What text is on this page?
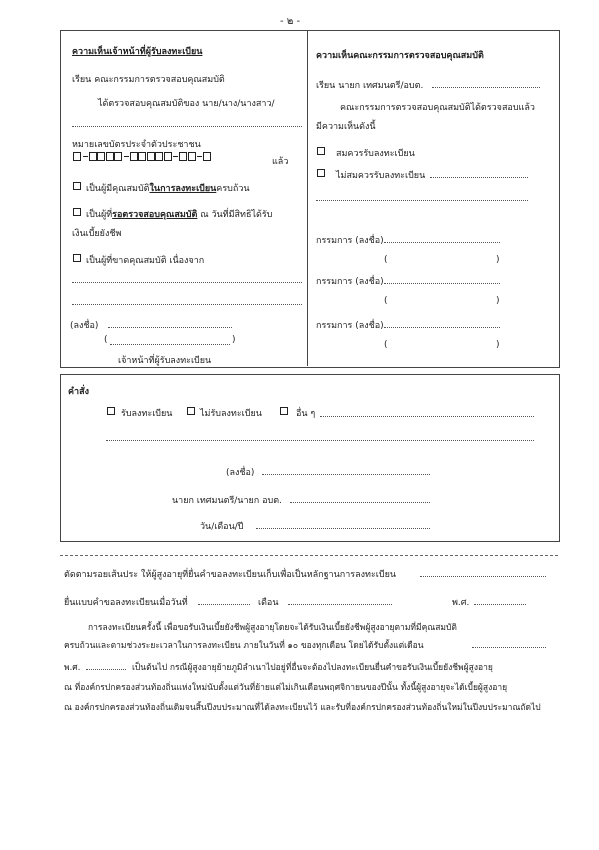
- ๒ -
ความเห็นเจ้าหน้าที่ผู้รับลงทะเบียน
เรียน คณะกรรมการตรวจสอบคุณสมบัติ
ได้ตรวจสอบคุณสมบัติของ นาย/นาง/นางสาว/
หมายเลขบัตรประจำตัวประชาชน
แล้ว
เป็นผู้มีคุณสมบัติในการลงทะเบียนครบถ้วน
เป็นผู้ที่รอตรวจสอบคุณสมบัติ ณ วันที่มีสิทธิได้รับ
เงินเบี้ยยังชีพ
เป็นผู้ที่ขาดคุณสมบัติ เนื่องจาก
(ลงชื่อ)
(	)
เจ้าหน้าที่ผู้รับลงทะเบียน
ความเห็นคณะกรรมการตรวจสอบคุณสมบัติ
เรียน นายก เทศมนตรี/อบต.
คณะกรรมการตรวจสอบคุณสมบัติได้ตรวจสอบแล้ว
มีความเห็นดังนี้
สมควรรับลงทะเบียน
ไม่สมควรรับลงทะเบียน
กรรมการ (ลงชื่อ)
(	)
กรรมการ (ลงชื่อ)
(	)
กรรมการ (ลงชื่อ)
(	)
คำสั่ง
รับลงทะเบียน	ไม่รับลงทะเบียน	อื่น ๆ
(ลงชื่อ)
นายก เทศมนตรี/นายก อบต.
วัน/เดือน/ปี
ตัดตามรอยเส้นประ ให้ผู้สูงอายุที่ยื่นคำขอลงทะเบียนเก็บเพื่อเป็นหลักฐานการลงทะเบียน
ยื่นแบบคำขอลงทะเบียนเมื่อวันที่	เดือน	พ.ศ.
การลงทะเบียนครั้งนี้ เพื่อขอรับเงินเบี้ยยังชีพผู้สูงอายุโดยจะได้รับเงินเบี้ยยังชีพผู้สูงอายุตามที่มีคุณสมบัติ
ครบถ้วนและตามช่วงระยะเวลาในการลงทะเบียน ภายในวันที่ ๑๐ ของทุกเดือน โดยได้รับตั้งแต่เดือน
พ.ศ.	เป็นต้นไป กรณีผู้สูงอายุย้ายภูมิลำเนาไปอยู่ที่อื่นจะต้องไปลงทะเบียนยื่นคำขอรับเงินเบี้ยยังชีพผู้สูงอายุ
ณ ที่องค์กรปกครองส่วนท้องถิ่นแห่งใหม่นับตั้งแต่วันที่ย้ายแต่ไม่เกินเดือนพฤศจิกายนของปีนั้น ทั้งนี้ผู้สูงอายุจะได้เบี้ยผู้สูงอายุ
ณ องค์กรปกครองส่วนท้องถิ่นเดิมจนสิ้นปีงบประมาณที่ได้ลงทะเบียนไว้ และรับที่องค์กรปกครองส่วนท้องถิ่นใหม่ในปีงบประมาณถัดไป
